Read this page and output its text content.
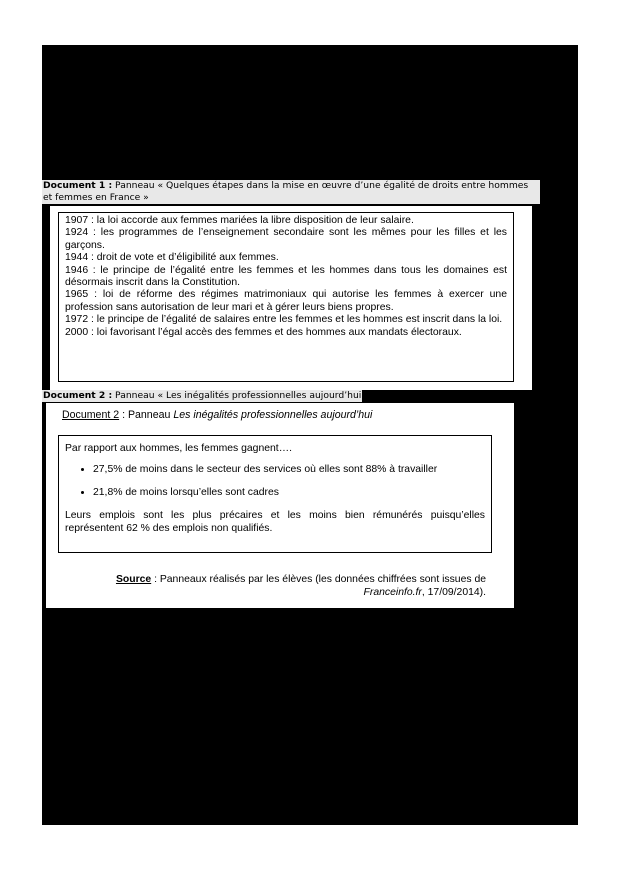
Document 1 : Panneau « Quelques étapes dans la mise en œuvre d’une égalité de droits entre hommes et femmes en France »

1907 : la loi accorde aux femmes mariées la libre disposition de leur salaire.

1924 : les programmes de l’enseignement secondaire sont les mêmes pour les filles et les garçons.

1944 : droit de vote et d’éligibilité aux femmes.

1946 : le principe de l’égalité entre les femmes et les hommes dans tous les domaines est désormais inscrit dans la Constitution.

1965 : loi de réforme des régimes matrimoniaux qui autorise les femmes à exercer une profession sans autorisation de leur mari et à gérer leurs biens propres.

1972 : le principe de l’égalité de salaires entre les femmes et les hommes est inscrit dans la loi.

2000 : loi favorisant l’égal accès des femmes et des hommes aux mandats électoraux.

Document 2 : Panneau « Les inégalités professionnelles aujourd’hui
Document 2 : Panneau Les inégalités professionnelles aujourd’hui

Par rapport aux hommes, les femmes gagnent….

• 27,5% de moins dans le secteur des services où elles sont 88% à travailler
• 21,8% de moins lorsqu’elles sont cadres

Leurs emplois sont les plus précaires et les moins bien rémunérés puisqu’elles représentent 62 % des emplois non qualifiés.

Source : Panneaux réalisés par les élèves (les données chiffrées sont issues de Franceinfo.fr, 17/09/2014).
